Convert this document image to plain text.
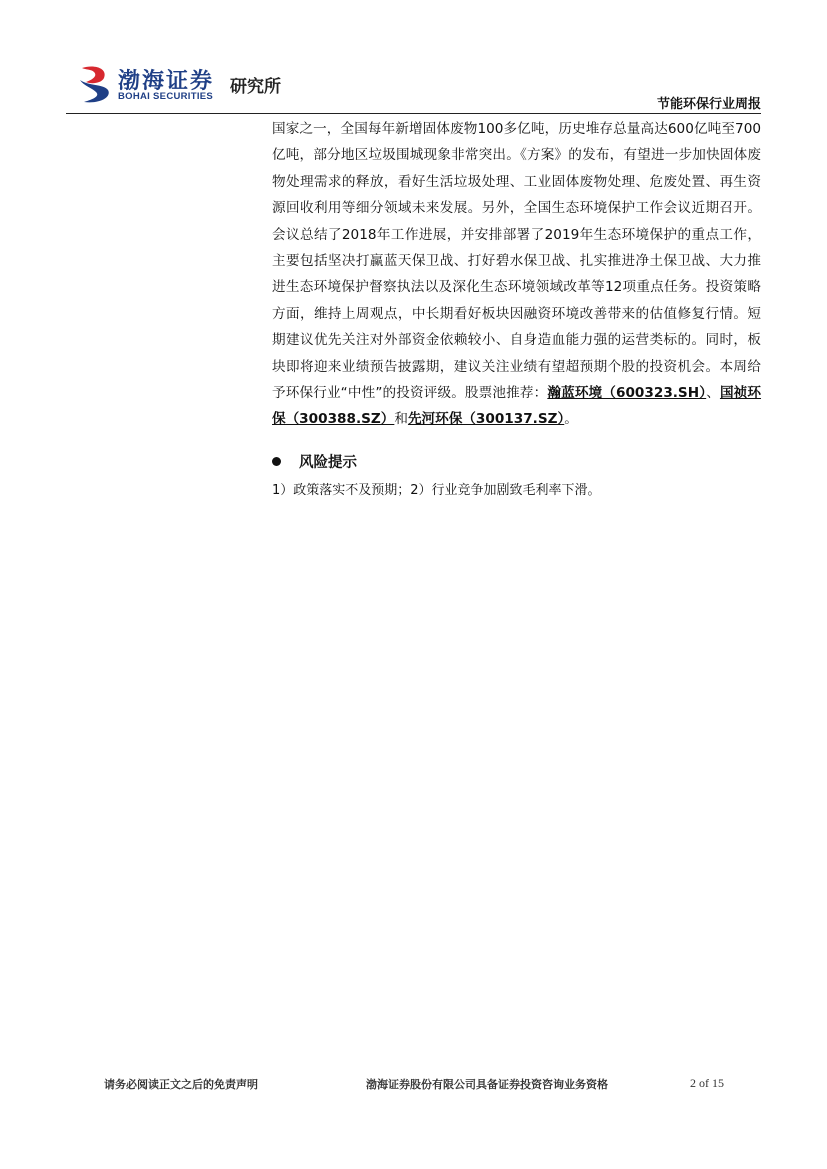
渤海证券
BOHAI SECURITIES 研究所
节能环保行业周报

国家之一，全国每年新增固体废物100多亿吨，历史堆存总量高达600亿吨至700亿吨，部分地区垃圾围城现象非常突出。《方案》的发布，有望进一步加快固体废物处理需求的释放，看好生活垃圾处理、工业固体废物处理、危废处置、再生资源回收利用等细分领域未来发展。另外，全国生态环境保护工作会议近期召开。会议总结了2018年工作进展，并安排部署了2019年生态环境保护的重点工作，主要包括坚决打赢蓝天保卫战、打好碧水保卫战、扎实推进净土保卫战、大力推进生态环境保护督察执法以及深化生态环境领域改革等12项重点任务。投资策略方面，维持上周观点，中长期看好板块因融资环境改善带来的估值修复行情。短期建议优先关注对外部资金依赖较小、自身造血能力强的运营类标的。同时，板块即将迎来业绩预告披露期，建议关注业绩有望超预期个股的投资机会。本周给予环保行业“中性”的投资评级。股票池推荐：瀚蓝环境（600323.SH）、国祯环保（300388.SZ）和先河环保（300137.SZ）。

风险提示
1）政策落实不及预期；2）行业竞争加剧致毛利率下滑。
请务必阅读正文之后的免责声明	渤海证券股份有限公司具备证券投资咨询业务资格	2 of 15
